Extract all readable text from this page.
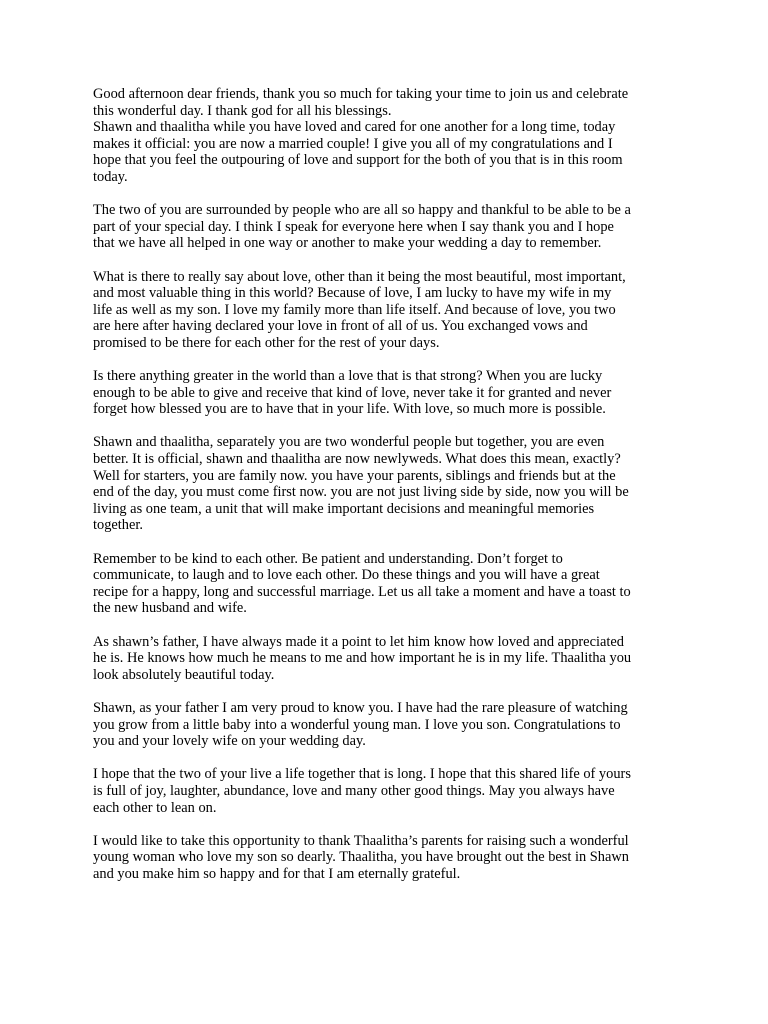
Good afternoon dear friends, thank you so much for taking your time to join us and celebrate
this wonderful day. I thank god for all his blessings.
Shawn and thaalitha while you have loved and cared for one another for a long time, today
makes it official: you are now a married couple! I give you all of my congratulations and I
hope that you feel the outpouring of love and support for the both of you that is in this room
today.

The two of you are surrounded by people who are all so happy and thankful to be able to be a
part of your special day. I think I speak for everyone here when I say thank you and I hope
that we have all helped in one way or another to make your wedding a day to remember.

What is there to really say about love, other than it being the most beautiful, most important,
and most valuable thing in this world? Because of love, I am lucky to have my wife in my
life as well as my son. I love my family more than life itself. And because of love, you two
are here after having declared your love in front of all of us. You exchanged vows and
promised to be there for each other for the rest of your days.

Is there anything greater in the world than a love that is that strong? When you are lucky
enough to be able to give and receive that kind of love, never take it for granted and never
forget how blessed you are to have that in your life. With love, so much more is possible.

Shawn and thaalitha, separately you are two wonderful people but together, you are even
better. It is official, shawn and thaalitha are now newlyweds. What does this mean, exactly?
Well for starters, you are family now. you have your parents, siblings and friends but at the
end of the day, you must come first now. you are not just living side by side, now you will be
living as one team, a unit that will make important decisions and meaningful memories
together.

Remember to be kind to each other. Be patient and understanding. Don’t forget to
communicate, to laugh and to love each other. Do these things and you will have a great
recipe for a happy, long and successful marriage. Let us all take a moment and have a toast to
the new husband and wife.

As shawn’s father, I have always made it a point to let him know how loved and appreciated
he is. He knows how much he means to me and how important he is in my life. Thaalitha you
look absolutely beautiful today.

Shawn, as your father I am very proud to know you. I have had the rare pleasure of watching
you grow from a little baby into a wonderful young man. I love you son. Congratulations to
you and your lovely wife on your wedding day.

I hope that the two of your live a life together that is long. I hope that this shared life of yours
is full of joy, laughter, abundance, love and many other good things. May you always have
each other to lean on.

I would like to take this opportunity to thank Thaalitha’s parents for raising such a wonderful
young woman who love my son so dearly. Thaalitha, you have brought out the best in Shawn
and you make him so happy and for that I am eternally grateful.
